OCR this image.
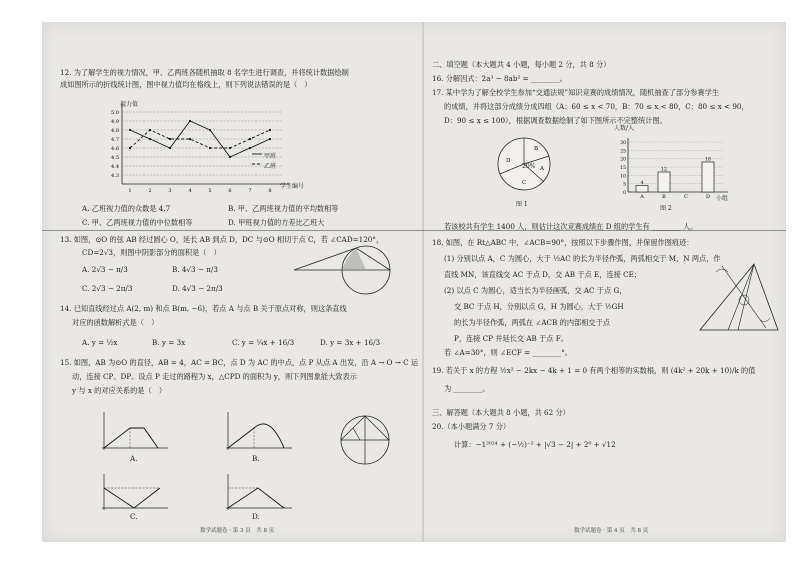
12. 为了解学生的视力情况，甲、乙两班各随机抽取 8 名学生进行调查，并将统计数据绘制
成如图所示的折线统计图，图中视力值均在格线上，则下列说法错误的是（　）
4.3
4.4
4.5
4.6
4.7
4.8
4.9
5.0
1	2	3	4	5	6	7	8
视力值
学生编号
甲班
乙班
A. 乙班视力值的众数是 4.7	B. 甲、乙两班视力值的平均数相等
C. 甲、乙两班视力值的中位数相等	D. 甲班视力值的方差比乙班大
13. 如图，⊙O 的弦 AB 经过圆心 O，延长 AB 到点 D，DC 与⊙O 相切于点 C，若 ∠CAD=120°，
CD=2√3，则图中阴影部分的面积是（　）
A. 2√3 − π/3	B. 4√3 − π/3
C. 2√3 − 2π/3	D. 4√3 − 2π/3
14. 已知直线经过点 A(2, m) 和点 B(m, −6)，若点 A 与点 B 关于原点对称，则这条直线
对应的函数解析式是（　）
A. y = ½x	B. y = 3x	C. y = ¼x + 16/3	D. y = 3x + 16/3
15. 如图，AB 为⊙O 的直径，AB = 4，AC = BC，点 D 为 AC 的中点，点 P 从点 A 出发，沿 A → O → C 运
动，连接 CP、DP。设点 P 走过的路程为 x，△CPD 的面积为 y，则下列图象能大致表示
y 与 x 的对应关系的是（　）
A.	B.
C.	D.
数学试题卷 · 第 3 页　共 8 页
二、填空题（本大题共 4 小题，每小题 2 分，共 8 分）
16. 分解因式：2a³ − 8ab² = ________。
17. 某中学为了解全校学生参加“交通法规”知识竞赛的成绩情况，随机抽查了部分参赛学生
的成绩，并将这部分成绩分成四组（A：60 ≤ x < 70，B：70 ≤ x < 80，C：80 ≤ x < 90，
D：90 ≤ x ≤ 100），根据调查数据绘制了如下图所示不完整统计图。
B
A
C
D
20%
图 1
0
5
10
15
20
25
30
4
A
12
B	C
18
D
人数/人
小组
图 2
若该校共有学生 1400 人，则估计这次竞赛成绩在 D 组的学生有 ________ 人。
18. 如图，在 Rt△ABC 中，∠ACB=90°，按照以下步骤作图，并保留作图痕迹：
(1) 分别以点 A，C 为圆心，大于 ½AC 的长为半径作弧，两弧相交于 M，N 两点，作
直线 MN，该直线交 AC 于点 D，交 AB 于点 E，连接 CE；
(2) 以点 C 为圆心，适当长为半径画弧，交 AC 于点 G，
交 BC 于点 H，分别以点 G，H 为圆心，大于 ½GH
的长为半径作弧，两弧在 ∠ACB 的内部相交于点
P，连接 CP 并延长交 AB 于点 F。
若 ∠A=30°，则 ∠ECF = ________°。
19. 若关于 x 的方程 ½x² − 2kx − 4k + 1 = 0 有两个相等的实数根，则 (4k² + 20k + 10)/k 的值
为 ________。
三、解答题（本大题共 8 小题，共 62 分）
20.（本小题满分 7 分）
计算：−1²⁰²⁴ + (−½)⁻² + |√3 − 2| + 2⁰ + √12
数学试题卷 · 第 4 页　共 8 页
